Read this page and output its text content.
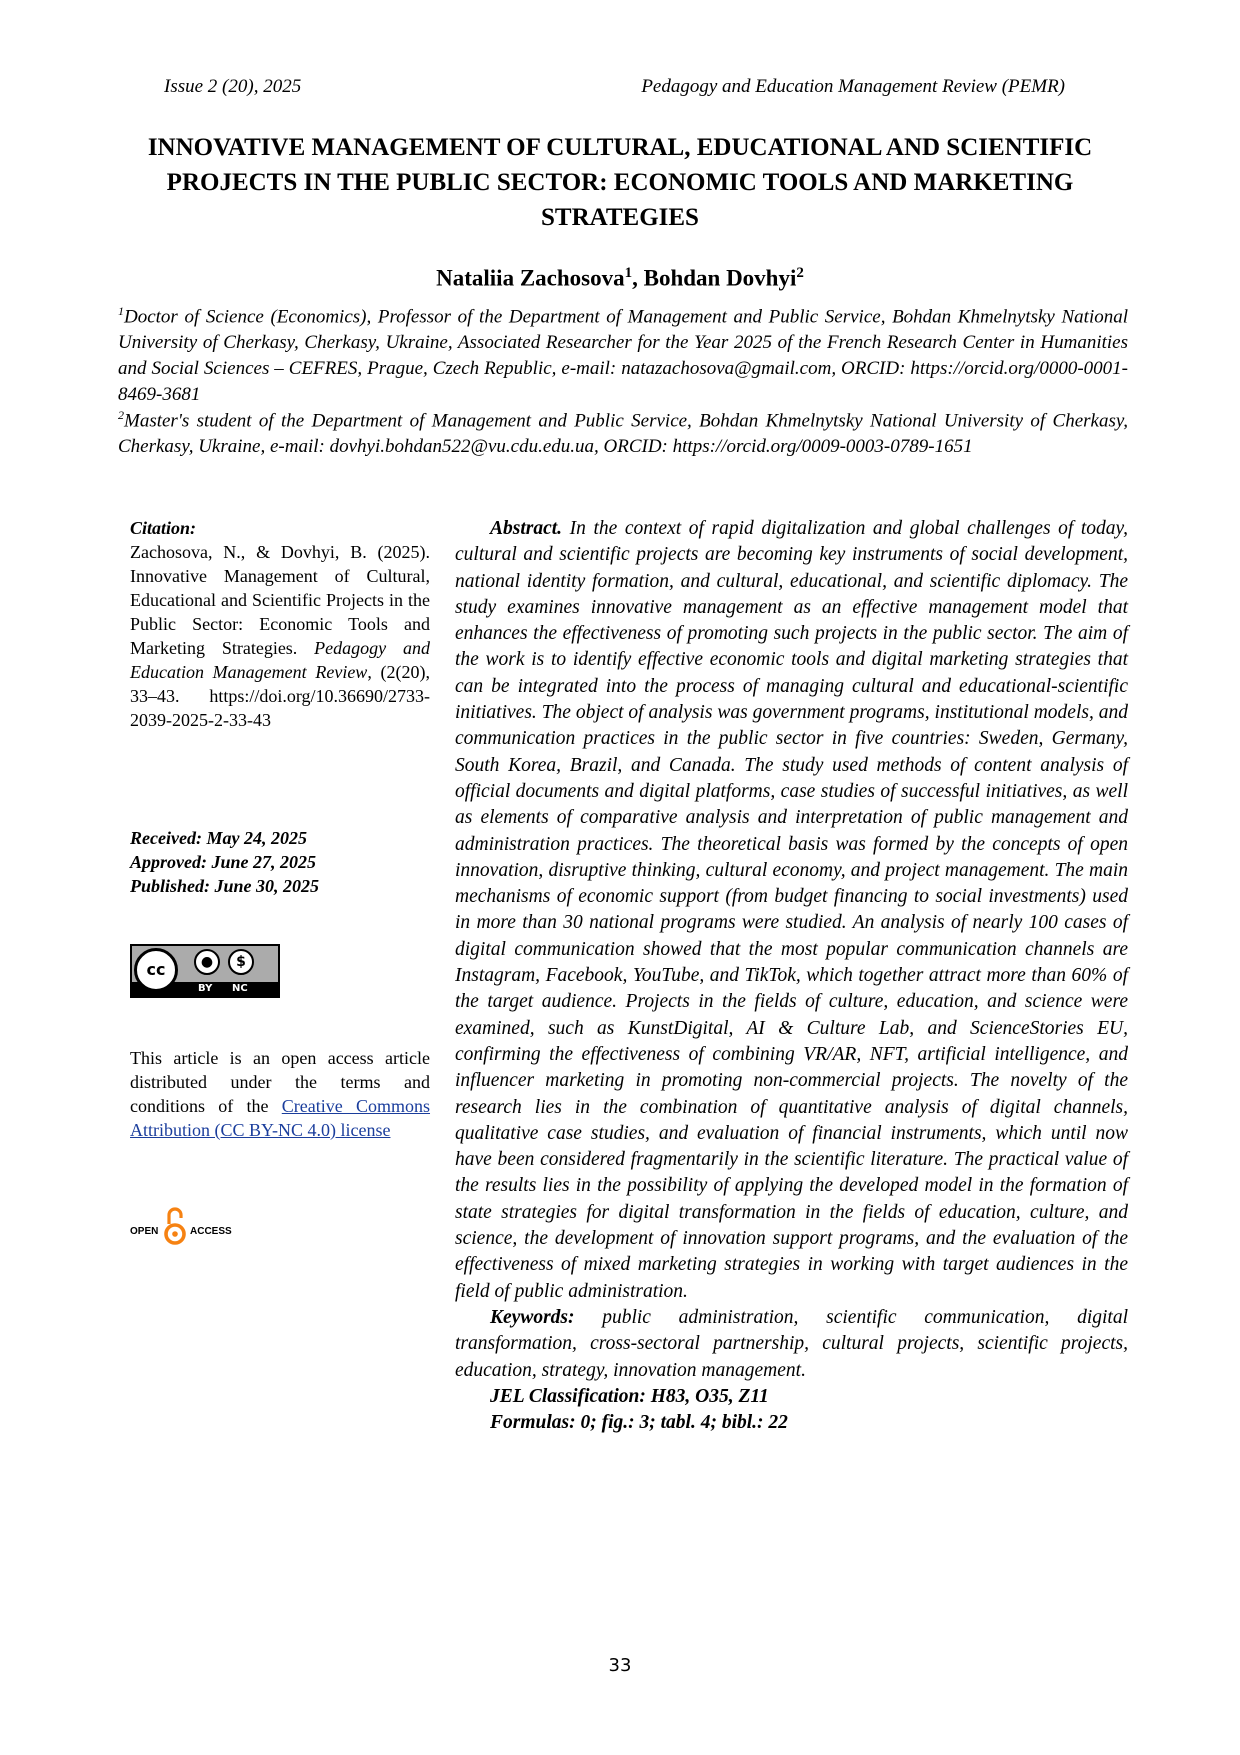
Issue 2 (20), 2025	Pedagogy and Education Management Review (PEMR)
INNOVATIVE MANAGEMENT OF CULTURAL, EDUCATIONAL AND SCIENTIFIC PROJECTS IN THE PUBLIC SECTOR: ECONOMIC TOOLS AND MARKETING STRATEGIES
Nataliia Zachosova$^1$, Bohdan Dovhyi$^2$
$^1$Doctor of Science (Economics), Professor of the Department of Management and Public Service, Bohdan Khmelnytsky National University of Cherkasy, Cherkasy, Ukraine, Associated Researcher for the Year 2025 of the French Research Center in Humanities and Social Sciences – CEFRES, Prague, Czech Republic, e-mail: natazachosova@gmail.com, ORCID: https://orcid.org/0000-0001-8469-3681
$^2$Master's student of the Department of Management and Public Service, Bohdan Khmelnytsky National University of Cherkasy, Cherkasy, Ukraine, e-mail: dovhyi.bohdan522@vu.cdu.edu.ua, ORCID: https://orcid.org/0009-0003-0789-1651
Citation:
Zachosova, N., & Dovhyi, B. (2025). Innovative Management of Cultural, Educational and Scientific Projects in the Public Sector: Economic Tools and Marketing Strategies. Pedagogy and Education Management Review, (2(20), 33–43. https://doi.org/10.36690/2733-2039-2025-2-33-43
Received: May 24, 2025
Approved: June 27, 2025
Published: June 30, 2025
cc	●	$
BY NC
This article is an open access article distributed under the terms and conditions of the Creative Commons Attribution (CC BY-NC 4.0) license
OPEN	ACCESS

Abstract. In the context of rapid digitalization and global challenges of today, cultural and scientific projects are becoming key instruments of social development, national identity formation, and cultural, educational, and scientific diplomacy. The study examines innovative management as an effective management model that enhances the effectiveness of promoting such projects in the public sector. The aim of the work is to identify effective economic tools and digital marketing strategies that can be integrated into the process of managing cultural and educational-scientific initiatives. The object of analysis was government programs, institutional models, and communication practices in the public sector in five countries: Sweden, Germany, South Korea, Brazil, and Canada. The study used methods of content analysis of official documents and digital platforms, case studies of successful initiatives, as well as elements of comparative analysis and interpretation of public management and administration practices. The theoretical basis was formed by the concepts of open innovation, disruptive thinking, cultural economy, and project management. The main mechanisms of economic support (from budget financing to social investments) used in more than 30 national programs were studied. An analysis of nearly 100 cases of digital communication showed that the most popular communication channels are Instagram, Facebook, YouTube, and TikTok, which together attract more than 60% of the target audience. Projects in the fields of culture, education, and science were examined, such as KunstDigital, AI & Culture Lab, and ScienceStories EU, confirming the effectiveness of combining VR/AR, NFT, artificial intelligence, and influencer marketing in promoting non-commercial projects. The novelty of the research lies in the combination of quantitative analysis of digital channels, qualitative case studies, and evaluation of financial instruments, which until now have been considered fragmentarily in the scientific literature. The practical value of the results lies in the possibility of applying the developed model in the formation of state strategies for digital transformation in the fields of education, culture, and science, the development of innovation support programs, and the evaluation of the effectiveness of mixed marketing strategies in working with target audiences in the field of public administration.

Keywords: public administration, scientific communication, digital transformation, cross-sectoral partnership, cultural projects, scientific projects, education, strategy, innovation management.

JEL Classification: H83, O35, Z11
Formulas: 0; fig.: 3; tabl. 4; bibl.: 22
33
